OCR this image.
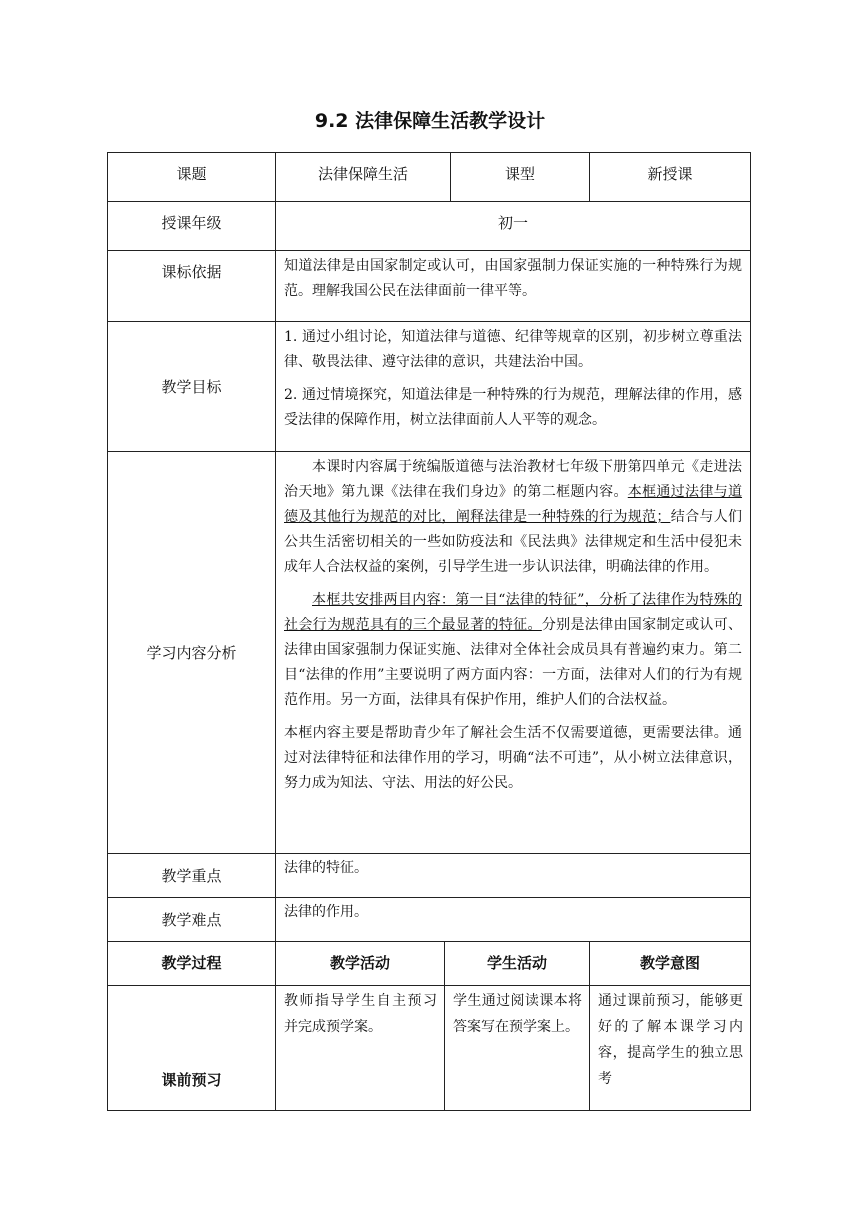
9.2 法律保障生活教学设计
课题	法律保障生活		课型	新授课
授课年级	初一			
课标依据	知道法律是由国家制定或认可，由国家强制力保证实施的一种特殊行为规范。理解我国公民在法律面前一律平等。			

教学目标	1. 通过小组讨论，知道法律与道德、纪律等规章的区别，初步树立尊重法律、敬畏法律、遵守法律的意识，共建法治中国。

2. 通过情境探究，知道法律是一种特殊的行为规范，理解法律的作用，感受法律的保障作用，树立法律面前人人平等的观念。			

学习内容分析	本课时内容属于统编版道德与法治教材七年级下册第四单元《走进法治天地》第九课《法律在我们身边》的第二框题内容。本框通过法律与道德及其他行为规范的对比，阐释法律是一种特殊的行为规范；结合与人们公共生活密切相关的一些如防疫法和《民法典》法律规定和生活中侵犯未成年人合法权益的案例，引导学生进一步认识法律，明确法律的作用。

本框共安排两目内容：第一目“法律的特征”，分析了法律作为特殊的社会行为规范具有的三个最显著的特征。分别是法律由国家制定或认可、法律由国家强制力保证实施、法律对全体社会成员具有普遍约束力。第二目“法律的作用”主要说明了两方面内容：一方面，法律对人们的行为有规范作用。另一方面，法律具有保护作用，维护人们的合法权益。

本框内容主要是帮助青少年了解社会生活不仅需要道德，更需要法律。通过对法律特征和法律作用的学习，明确“法不可违”，从小树立法律意识，努力成为知法、守法、用法的好公民。			

教学重点	法律的特征。			

教学难点	法律的作用。			

教学过程	教学活动	学生活动		教学意图
课前预习	教师指导学生自主预习并完成预学案。	学生通过阅读课本将答案写在预学案上。		通过课前预习，能够更好的了解本课学习内容，提高学生的独立思考
